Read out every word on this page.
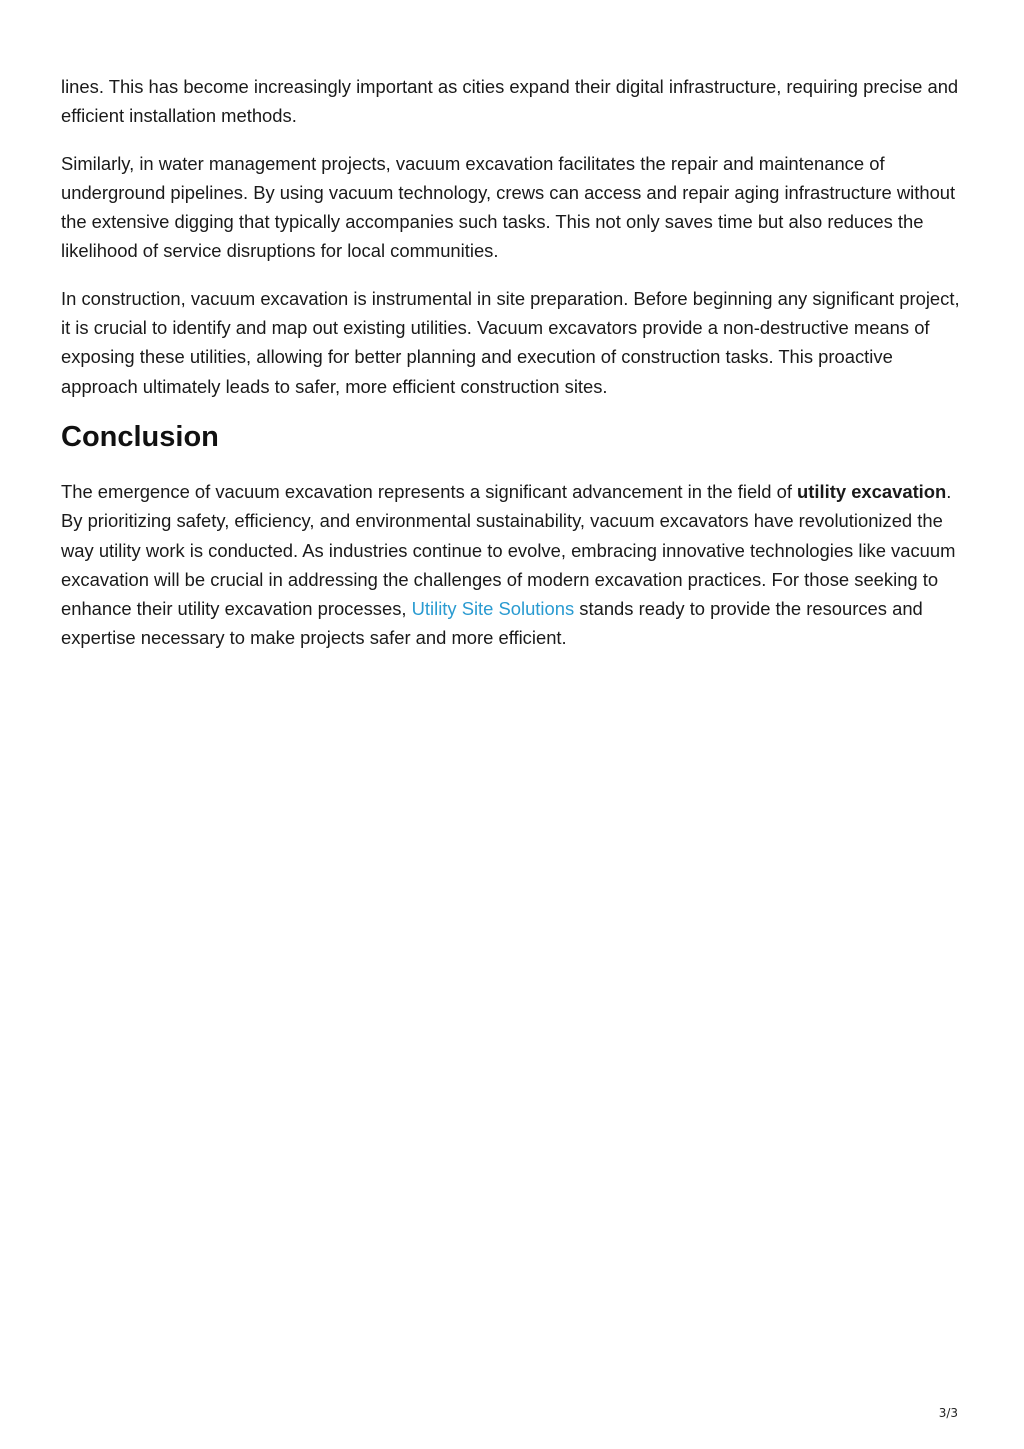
lines. This has become increasingly important as cities expand their digital infrastructure, requiring precise and efficient installation methods.

Similarly, in water management projects, vacuum excavation facilitates the repair and maintenance of underground pipelines. By using vacuum technology, crews can access and repair aging infrastructure without the extensive digging that typically accompanies such tasks. This not only saves time but also reduces the likelihood of service disruptions for local communities.

In construction, vacuum excavation is instrumental in site preparation. Before beginning any significant project, it is crucial to identify and map out existing utilities. Vacuum excavators provide a non-destructive means of exposing these utilities, allowing for better planning and execution of construction tasks. This proactive approach ultimately leads to safer, more efficient construction sites.

Conclusion

The emergence of vacuum excavation represents a significant advancement in the field of utility excavation. By prioritizing safety, efficiency, and environmental sustainability, vacuum excavators have revolutionized the way utility work is conducted. As industries continue to evolve, embracing innovative technologies like vacuum excavation will be crucial in addressing the challenges of modern excavation practices. For those seeking to enhance their utility excavation processes, Utility Site Solutions stands ready to provide the resources and expertise necessary to make projects safer and more efficient.

3/3
